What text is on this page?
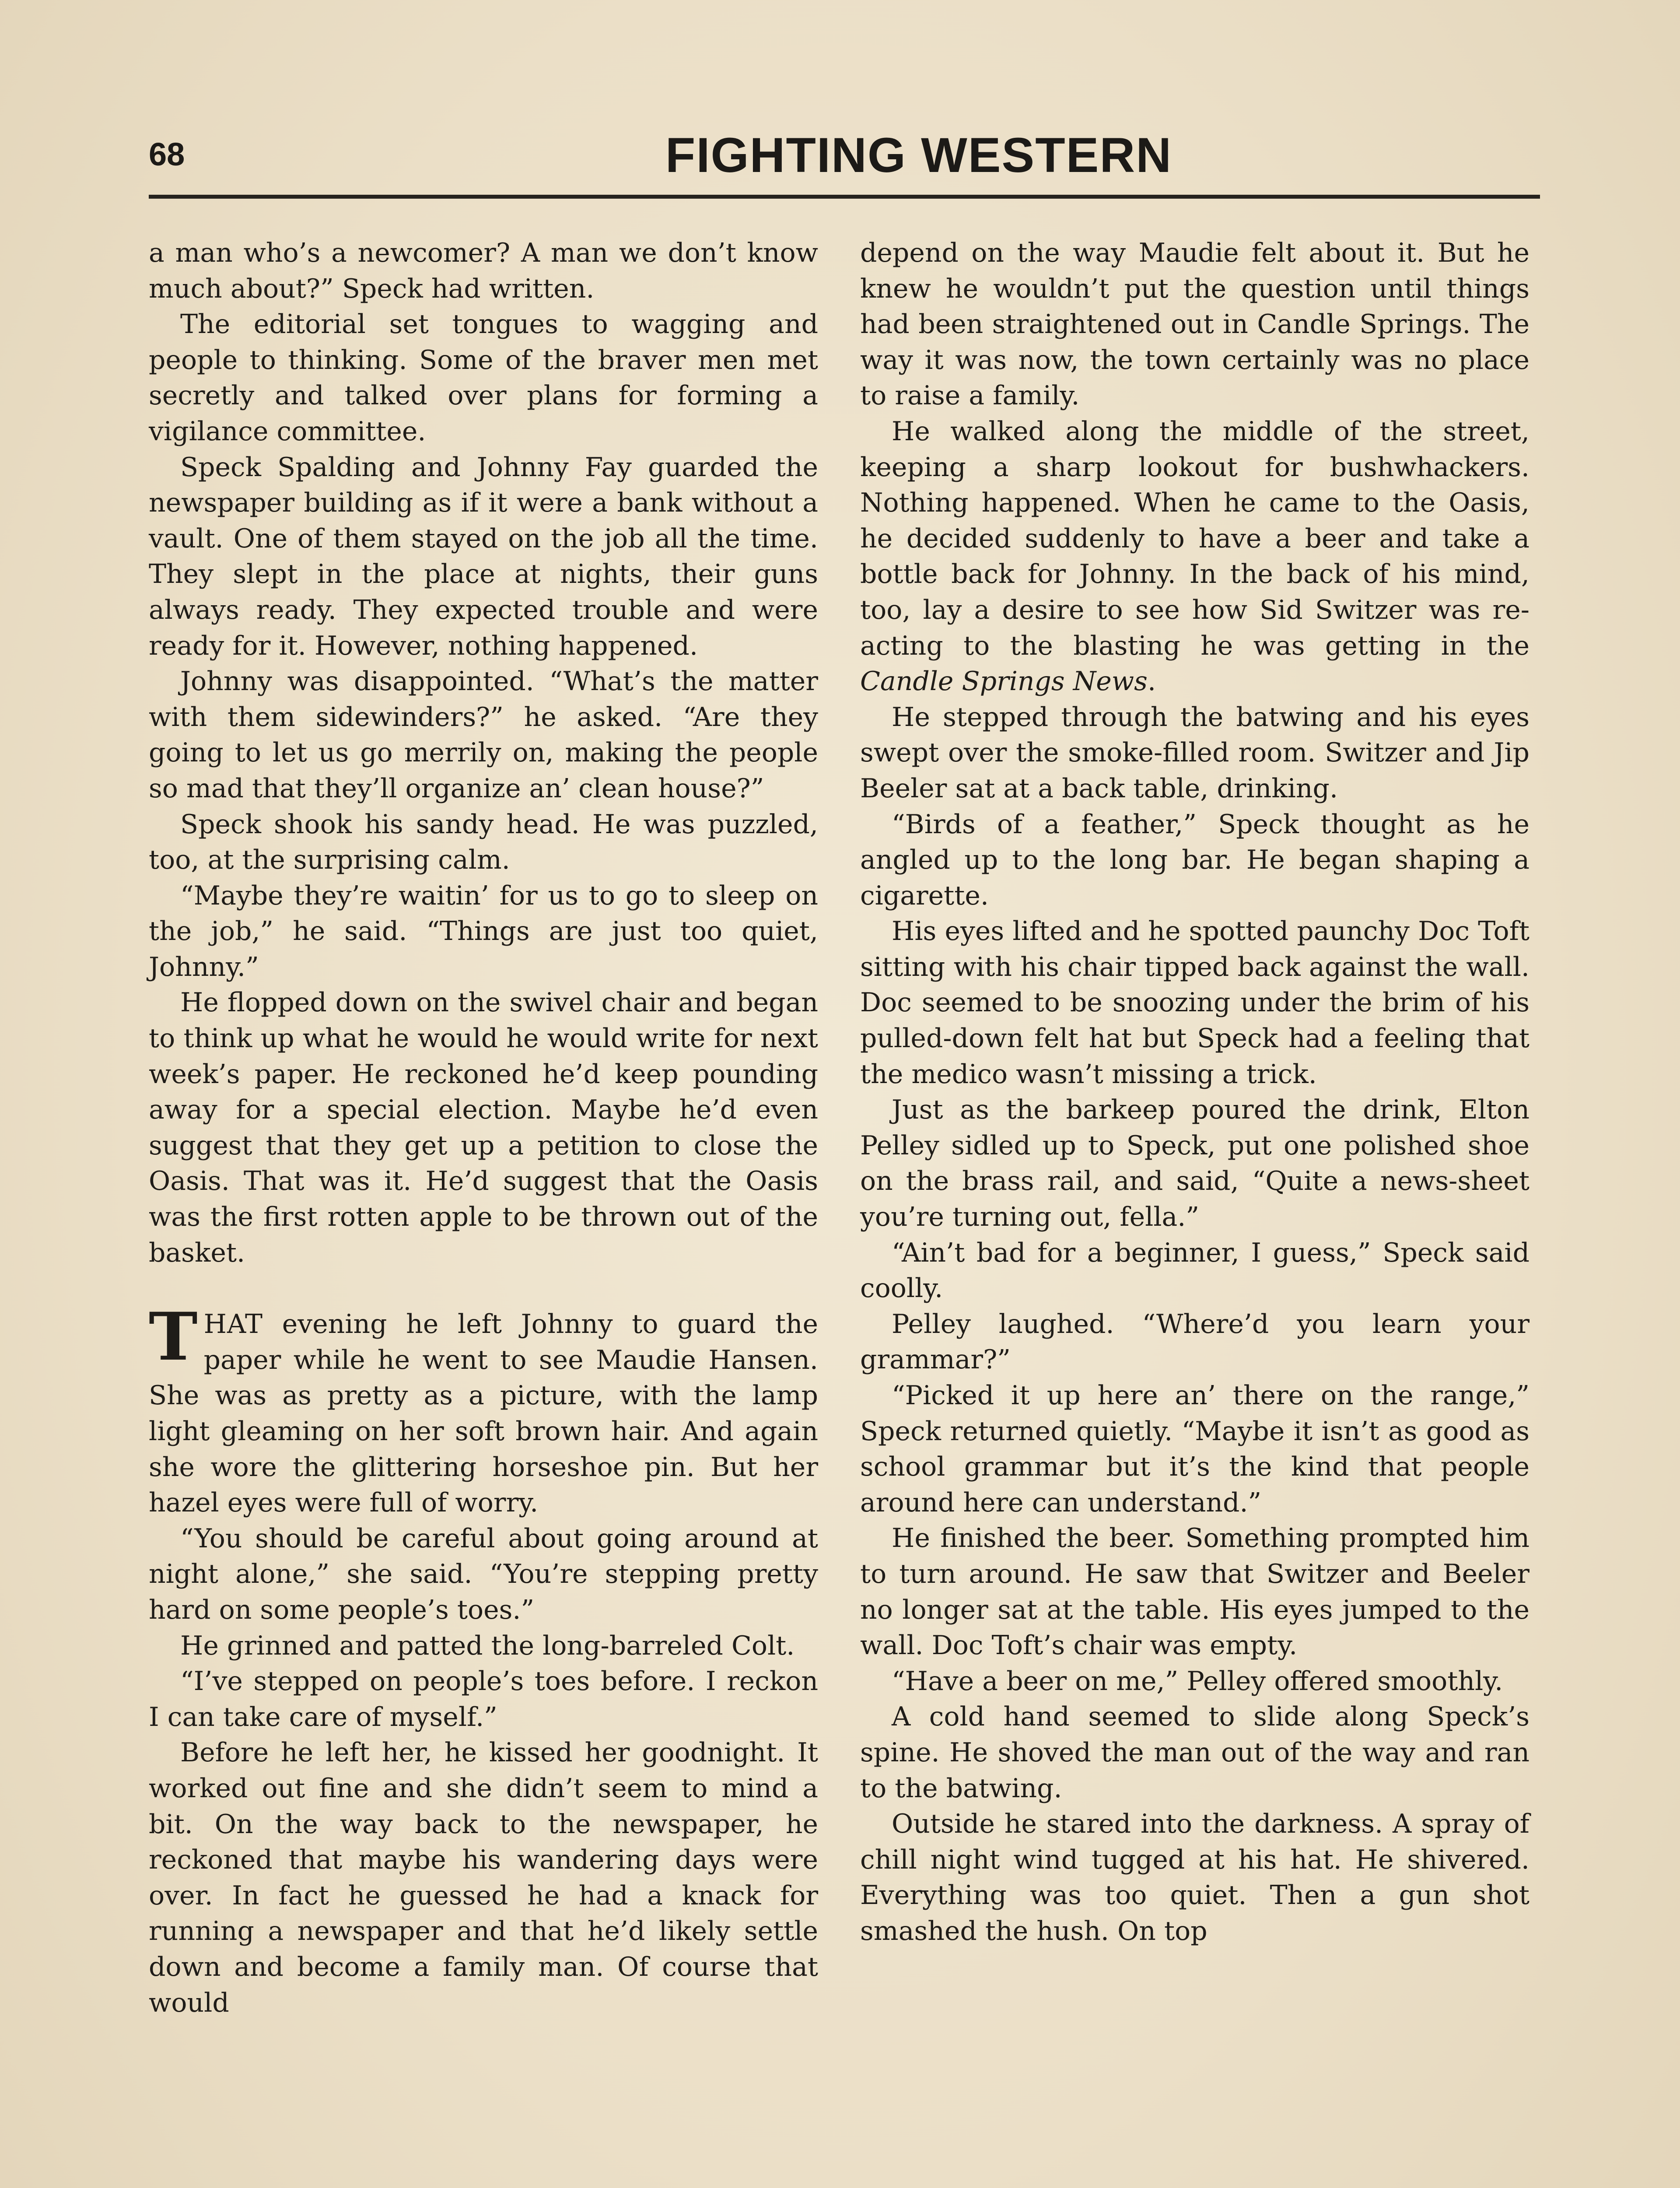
68	FIGHTING WESTERN

a man who’s a newcomer? A man we don’t know much about?” Speck had written.

The editorial set tongues to wagging and people to thinking. Some of the braver men met secretly and talked over plans for forming a vigilance committee.

Speck Spalding and Johnny Fay guarded the newspaper building as if it were a bank without a vault. One of them stayed on the job all the time. They slept in the place at nights, their guns always ready. They expected trouble and were ready for it. However, nothing happened.

Johnny was disappointed. “What’s the matter with them sidewinders?” he asked. “Are they going to let us go merrily on, making the people so mad that they’ll organize an’ clean house?”

Speck shook his sandy head. He was puzzled, too, at the surprising calm.

“Maybe they’re waitin’ for us to go to sleep on the job,” he said. “Things are just too quiet, Johnny.”

He flopped down on the swivel chair and began to think up what he would he would write for next week’s paper. He reckoned he’d keep pounding away for a special election. Maybe he’d even suggest that they get up a petition to close the Oasis. That was it. He’d suggest that the Oasis was the first rotten apple to be thrown out of the basket.

THAT evening he left Johnny to guard the paper while he went to see Maudie Hansen. She was as pretty as a picture, with the lamp light gleaming on her soft brown hair. And again she wore the glittering horseshoe pin. But her hazel eyes were full of worry.

“You should be careful about going around at night alone,” she said. “You’re stepping pretty hard on some people’s toes.”

He grinned and patted the long-barreled Colt.

“I’ve stepped on people’s toes before. I reckon I can take care of myself.”

Before he left her, he kissed her goodnight. It worked out fine and she didn’t seem to mind a bit. On the way back to the newspaper, he reckoned that maybe his wandering days were over. In fact he guessed he had a knack for running a newspaper and that he’d likely settle down and become a family man. Of course that would

depend on the way Maudie felt about it. But he knew he wouldn’t put the question until things had been straightened out in Candle Springs. The way it was now, the town certainly was no place to raise a family.

He walked along the middle of the street, keeping a sharp lookout for bushwhackers. Nothing happened. When he came to the Oasis, he decided suddenly to have a beer and take a bottle back for Johnny. In the back of his mind, too, lay a desire to see how Sid Switzer was reacting to the blasting he was getting in the Candle Springs News.

He stepped through the batwing and his eyes swept over the smoke-filled room. Switzer and Jip Beeler sat at a back table, drinking.

“Birds of a feather,” Speck thought as he angled up to the long bar. He began shaping a cigarette.

His eyes lifted and he spotted paunchy Doc Toft sitting with his chair tipped back against the wall. Doc seemed to be snoozing under the brim of his pulled-down felt hat but Speck had a feeling that the medico wasn’t missing a trick.

Just as the barkeep poured the drink, Elton Pelley sidled up to Speck, put one polished shoe on the brass rail, and said, “Quite a news-sheet you’re turning out, fella.”

“Ain’t bad for a beginner, I guess,” Speck said coolly.

Pelley laughed. “Where’d you learn your grammar?”

“Picked it up here an’ there on the range,” Speck returned quietly. “Maybe it isn’t as good as school grammar but it’s the kind that people around here can understand.”

He finished the beer. Something prompted him to turn around. He saw that Switzer and Beeler no longer sat at the table. His eyes jumped to the wall. Doc Toft’s chair was empty.

“Have a beer on me,” Pelley offered smoothly.

A cold hand seemed to slide along Speck’s spine. He shoved the man out of the way and ran to the batwing.

Outside he stared into the darkness. A spray of chill night wind tugged at his hat. He shivered. Everything was too quiet. Then a gun shot smashed the hush. On top
